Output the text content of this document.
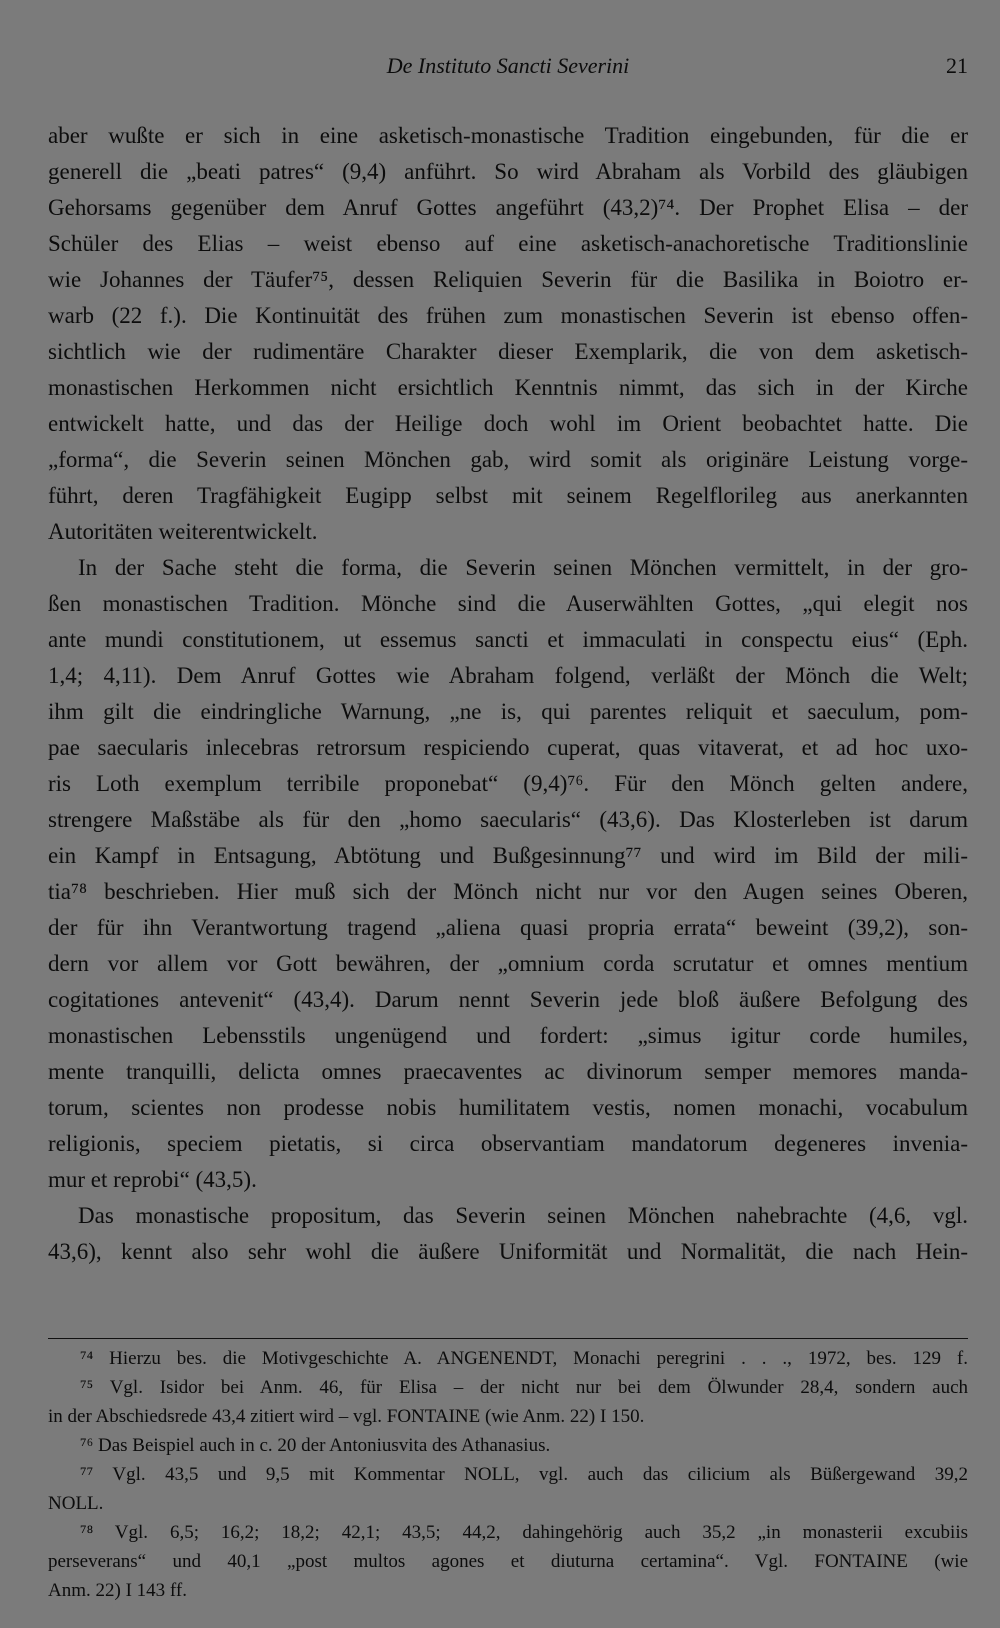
De Instituto Sancti Severini	21
aber wußte er sich in eine asketisch-monastische Tradition eingebunden, für die er
generell die „beati patres“ (9,4) anführt. So wird Abraham als Vorbild des gläubigen
Gehorsams gegenüber dem Anruf Gottes angeführt (43,2)⁷⁴. Der Prophet Elisa – der
Schüler des Elias – weist ebenso auf eine asketisch-anachoretische Traditionslinie
wie Johannes der Täufer⁷⁵, dessen Reliquien Severin für die Basilika in Boiotro er-
warb (22 f.). Die Kontinuität des frühen zum monastischen Severin ist ebenso offen-
sichtlich wie der rudimentäre Charakter dieser Exemplarik, die von dem asketisch-
monastischen Herkommen nicht ersichtlich Kenntnis nimmt, das sich in der Kirche
entwickelt hatte, und das der Heilige doch wohl im Orient beobachtet hatte. Die
„forma“, die Severin seinen Mönchen gab, wird somit als originäre Leistung vorge-
führt, deren Tragfähigkeit Eugipp selbst mit seinem Regelflorileg aus anerkannten
Autoritäten weiterentwickelt.
In der Sache steht die forma, die Severin seinen Mönchen vermittelt, in der gro-
ßen monastischen Tradition. Mönche sind die Auserwählten Gottes, „qui elegit nos
ante mundi constitutionem, ut essemus sancti et immaculati in conspectu eius“ (Eph.
1,4; 4,11). Dem Anruf Gottes wie Abraham folgend, verläßt der Mönch die Welt;
ihm gilt die eindringliche Warnung, „ne is, qui parentes reliquit et saeculum, pom-
pae saecularis inlecebras retrorsum respiciendo cuperat, quas vitaverat, et ad hoc uxo-
ris Loth exemplum terribile proponebat“ (9,4)⁷⁶. Für den Mönch gelten andere,
strengere Maßstäbe als für den „homo saecularis“ (43,6). Das Klosterleben ist darum
ein Kampf in Entsagung, Abtötung und Bußgesinnung⁷⁷ und wird im Bild der mili-
tia⁷⁸ beschrieben. Hier muß sich der Mönch nicht nur vor den Augen seines Oberen,
der für ihn Verantwortung tragend „aliena quasi propria errata“ beweint (39,2), son-
dern vor allem vor Gott bewähren, der „omnium corda scrutatur et omnes mentium
cogitationes antevenit“ (43,4). Darum nennt Severin jede bloß äußere Befolgung des
monastischen Lebensstils ungenügend und fordert: „simus igitur corde humiles,
mente tranquilli, delicta omnes praecaventes ac divinorum semper memores manda-
torum, scientes non prodesse nobis humilitatem vestis, nomen monachi, vocabulum
religionis, speciem pietatis, si circa observantiam mandatorum degeneres invenia-
mur et reprobi“ (43,5).
Das monastische propositum, das Severin seinen Mönchen nahebrachte (4,6, vgl.
43,6), kennt also sehr wohl die äußere Uniformität und Normalität, die nach Hein-
⁷⁴ Hierzu bes. die Motivgeschichte A. ANGENENDT, Monachi peregrini . . ., 1972, bes. 129 f.
⁷⁵ Vgl. Isidor bei Anm. 46, für Elisa – der nicht nur bei dem Ölwunder 28,4, sondern auch
in der Abschiedsrede 43,4 zitiert wird – vgl. FONTAINE (wie Anm. 22) I 150.
⁷⁶ Das Beispiel auch in c. 20 der Antoniusvita des Athanasius.
⁷⁷ Vgl. 43,5 und 9,5 mit Kommentar NOLL, vgl. auch das cilicium als Büßergewand 39,2
NOLL.
⁷⁸ Vgl. 6,5; 16,2; 18,2; 42,1; 43,5; 44,2, dahingehörig auch 35,2 „in monasterii excubiis
perseverans“ und 40,1 „post multos agones et diuturna certamina“. Vgl. FONTAINE (wie
Anm. 22) I 143 ff.
